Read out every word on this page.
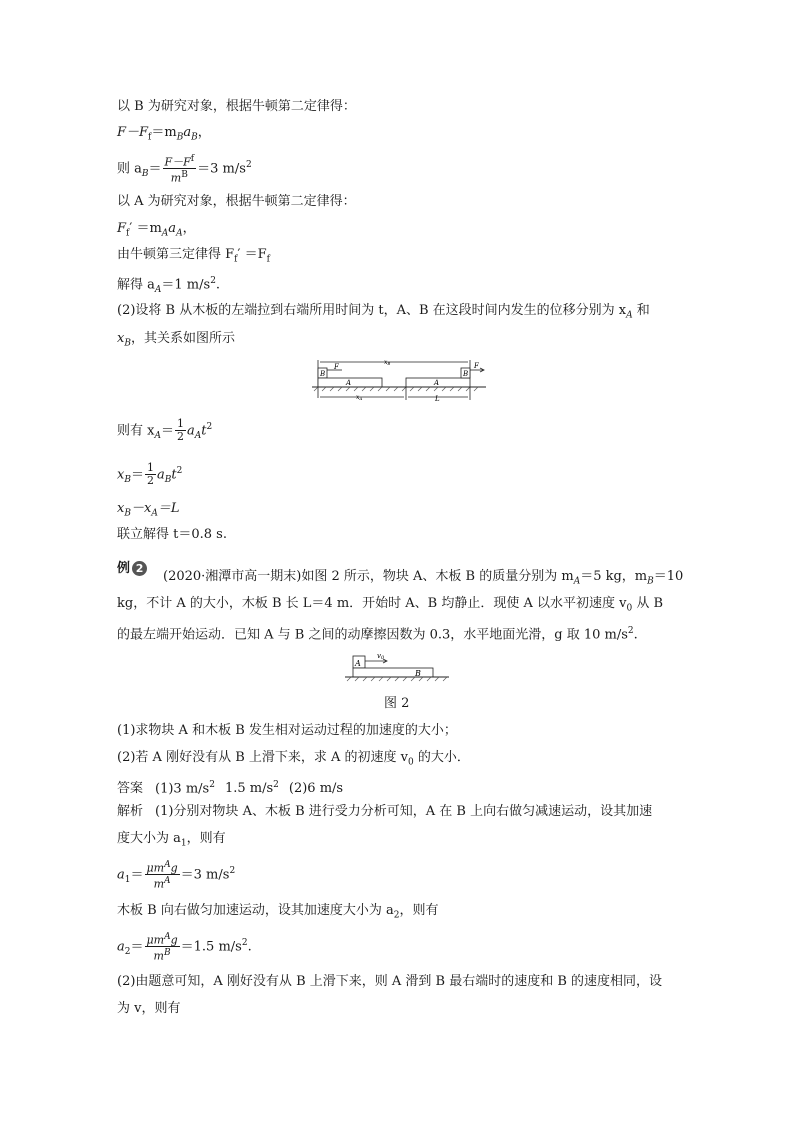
以 B 为研究对象，根据牛顿第二定律得：
$F-F_f=m_Ba_B$，
则 $a_B= \frac{F-F^f}{m^B} =3$ $m/s^2$
以 A 为研究对象，根据牛顿第二定律得：
$F_f' =m_Aa_A$，
由牛顿第三定律得 $F_f' =F_f$
解得 $a_A=1$ $m/s^2$.
(2)设将 B 从木板的左端拉到右端所用时间为 t，A、B 在这段时间内发生的位移分别为 $x_A$ 和
$x_B$，其关系如图所示
xB
B
F
A	A
B
F
xA	L
则有 $x_A= \frac{1}{2} a_At^2$
$x_B= \frac{1}{2} a_Bt^2$
$x_B-x_A=L$
联立解得 t＝0.8 s.
例 2
(2020·湘潭市高一期末)如图 2 所示，物块 A、木板 B 的质量分别为 $m_A=5$ kg，$m_B=10$
kg，不计 A 的大小，木板 B 长 L＝4 m．开始时 A、B 均静止．现使 A 以水平初速度 $v_0$ 从 B
的最左端开始运动．已知 A 与 B 之间的动摩擦因数为 0.3，水平地面光滑，g 取 10 $m/s^2$.
A
v0
B
图 2
(1)求物块 A 和木板 B 发生相对运动过程的加速度的大小；
(2)若 A 刚好没有从 B 上滑下来，求 A 的初速度 $v_0$ 的大小．
答案 (1)3 $m/s^2$ 1.5 $m/s^2$ (2)6 m/s
解析 (1)分别对物块 A、木板 B 进行受力分析可知，A 在 B 上向右做匀减速运动，设其加速
度大小为 $a_1$，则有
$a_1= \frac{\mu m^Ag}{m^A} =3$ $m/s^2$
木板 B 向右做匀加速运动，设其加速度大小为 $a_2$，则有
$a_2= \frac{\mu m^Ag}{m^B} =1.5$ $m/s^2$.
(2)由题意可知，A 刚好没有从 B 上滑下来，则 A 滑到 B 最右端时的速度和 B 的速度相同，设
为 v，则有
